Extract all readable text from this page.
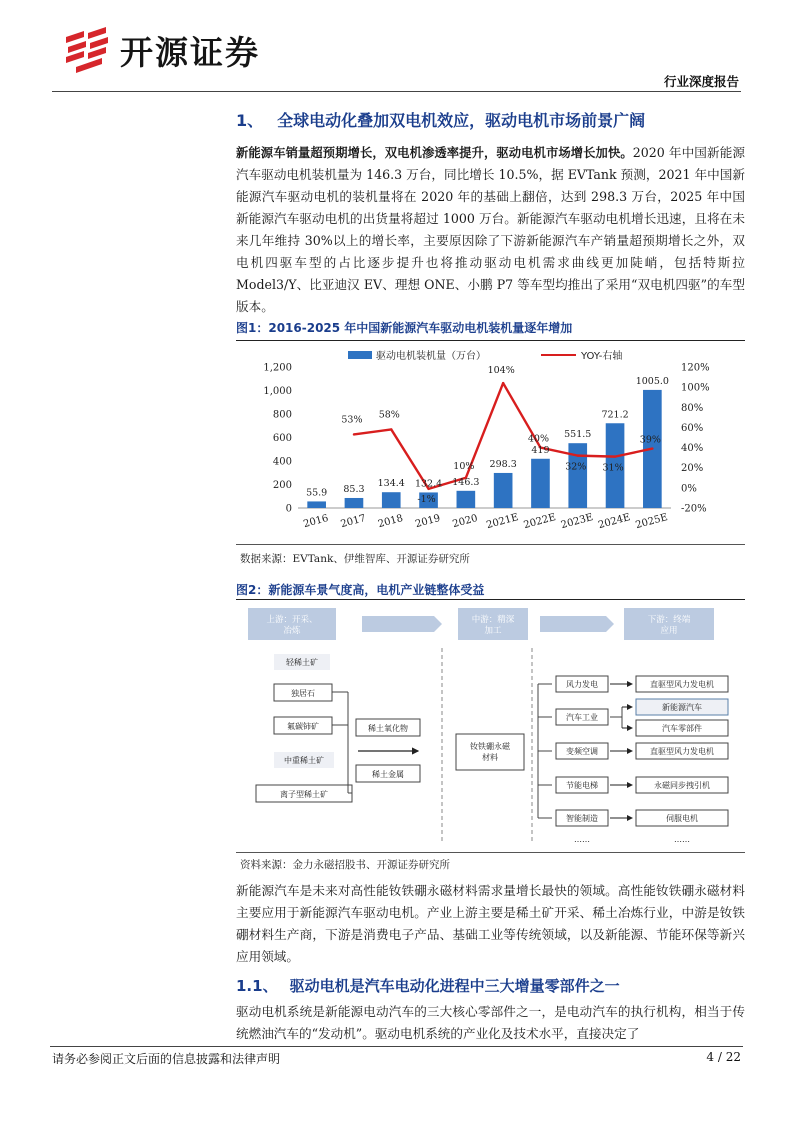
开源证券
行业深度报告
1、 全球电动化叠加双电机效应，驱动电机市场前景广阔
新能源车销量超预期增长，双电机渗透率提升，驱动电机市场增长加快。2020 年中国新能源汽车驱动电机装机量为 146.3 万台，同比增长 10.5%，据 EVTank 预测，2021 年中国新能源汽车驱动电机的装机量将在 2020 年的基础上翻倍，达到 298.3 万台，2025 年中国新能源汽车驱动电机的出货量将超过 1000 万台。新能源汽车驱动电机增长迅速，且将在未来几年维持 30%以上的增长率，主要原因除了下游新能源汽车产销量超预期增长之外，双电机四驱车型的占比逐步提升也将推动驱动电机需求曲线更加陡峭，包括特斯拉 Model3/Y、比亚迪汉 EV、理想 ONE、小鹏 P7 等车型均推出了采用“双电机四驱”的车型版本。
图1：2016-2025 年中国新能源汽车驱动电机装机量逐年增加
驱动电机装机量（万台）	YOY-右轴
0
200
400
600
800
1,000
1,200
-20%
0%
20%
40%
60%
80%
100%
120%
2016 2017 2018 2019 2020 2021E 2022E 2023E 2024E 2025E
55.9 85.3
134.4 132.4 146.3
298.3
419
551.5
721.2
1005.0
53% 58%
-1%
10%
104%
40%
32% 31%
39%
数据来源：EVTank、伊维智库、开源证券研究所
图2：新能源车景气度高，电机产业链整体受益
上游：开采、冶炼
中游：精深加工
下游：终端应用
轻稀土矿
独居石
氟碳铈矿
中重稀土矿
离子型稀土矿
稀土氧化物
稀土金属
钕铁硼永磁材料
风力发电
汽车工业
变频空调
节能电梯
智能制造
……
直驱型风力发电机
新能源汽车
汽车零部件
直驱型风力发电机
永磁同步拽引机
伺服电机
……
资料来源：金力永磁招股书、开源证券研究所
新能源汽车是未来对高性能钕铁硼永磁材料需求量增长最快的领域。高性能钕铁硼永磁材料主要应用于新能源汽车驱动电机。产业上游主要是稀土矿开采、稀土冶炼行业，中游是钕铁硼材料生产商，下游是消费电子产品、基础工业等传统领域，以及新能源、节能环保等新兴应用领域。
1.1、 驱动电机是汽车电动化进程中三大增量零部件之一
驱动电机系统是新能源电动汽车的三大核心零部件之一，是电动汽车的执行机构，相当于传统燃油汽车的“发动机”。驱动电机系统的产业化及技术水平，直接决定了
请务必参阅正文后面的信息披露和法律声明	4 / 22
